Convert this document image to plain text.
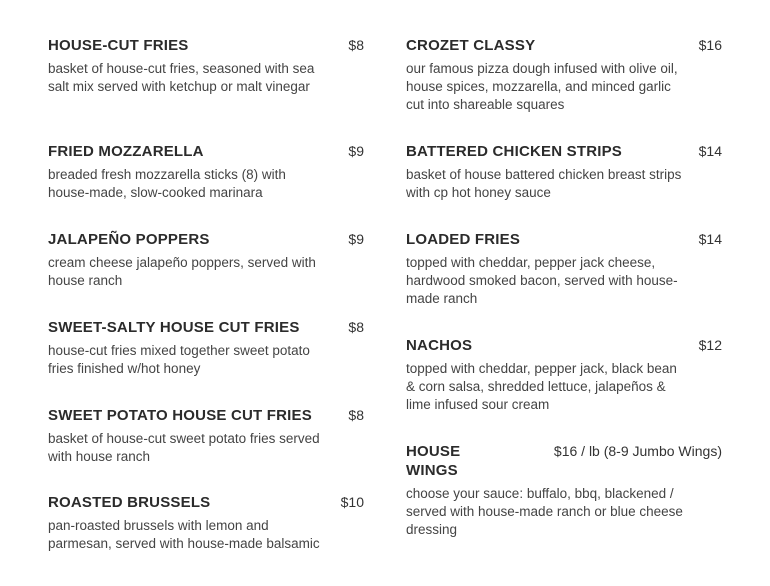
HOUSE-CUT FRIES	$8
basket of house-cut fries, seasoned with sea salt mix served with ketchup or malt vinegar
FRIED MOZZARELLA	$9
breaded fresh mozzarella sticks (8) with house-made, slow-cooked marinara
JALAPEÑO POPPERS	$9
cream cheese jalapeño poppers, served with house ranch
SWEET-SALTY HOUSE CUT FRIES	$8
house-cut fries mixed together sweet potato fries finished w/hot honey
SWEET POTATO HOUSE CUT FRIES	$8
basket of house-cut sweet potato fries served with house ranch
ROASTED BRUSSELS	$10
pan-roasted brussels with lemon and parmesan, served with house-made balsamic
CROZET CLASSY	$16
our famous pizza dough infused with olive oil, house spices, mozzarella, and minced garlic cut into shareable squares
BATTERED CHICKEN STRIPS	$14
basket of house battered chicken breast strips with cp hot honey sauce
LOADED FRIES	$14
topped with cheddar, pepper jack cheese, hardwood smoked bacon, served with house-made ranch
NACHOS	$12
topped with cheddar, pepper jack, black bean & corn salsa, shredded lettuce, jalapeños & lime infused sour cream
HOUSE WINGS
$16 / lb (8-9 Jumbo Wings)
choose your sauce: buffalo, bbq, blackened / served with house-made ranch or blue cheese dressing
